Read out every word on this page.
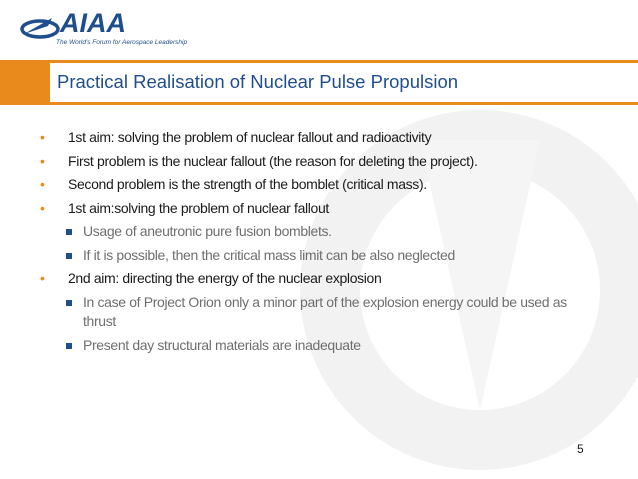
AIAA
The World's Forum for Aerospace Leadership
Practical Realisation of Nuclear Pulse Propulsion
• 1st aim: solving the problem of nuclear fallout and radioactivity
• First problem is the nuclear fallout (the reason for deleting the project).
• Second problem is the strength of the bomblet (critical mass).
• 1st aim:solving the problem of nuclear fallout
Usage of aneutronic pure fusion bomblets.
If it is possible, then the critical mass limit can be also neglected
• 2nd aim: directing the energy of the nuclear explosion
In case of Project Orion only a minor part of the explosion energy could be used as thrust
Present day structural materials are inadequate
5
